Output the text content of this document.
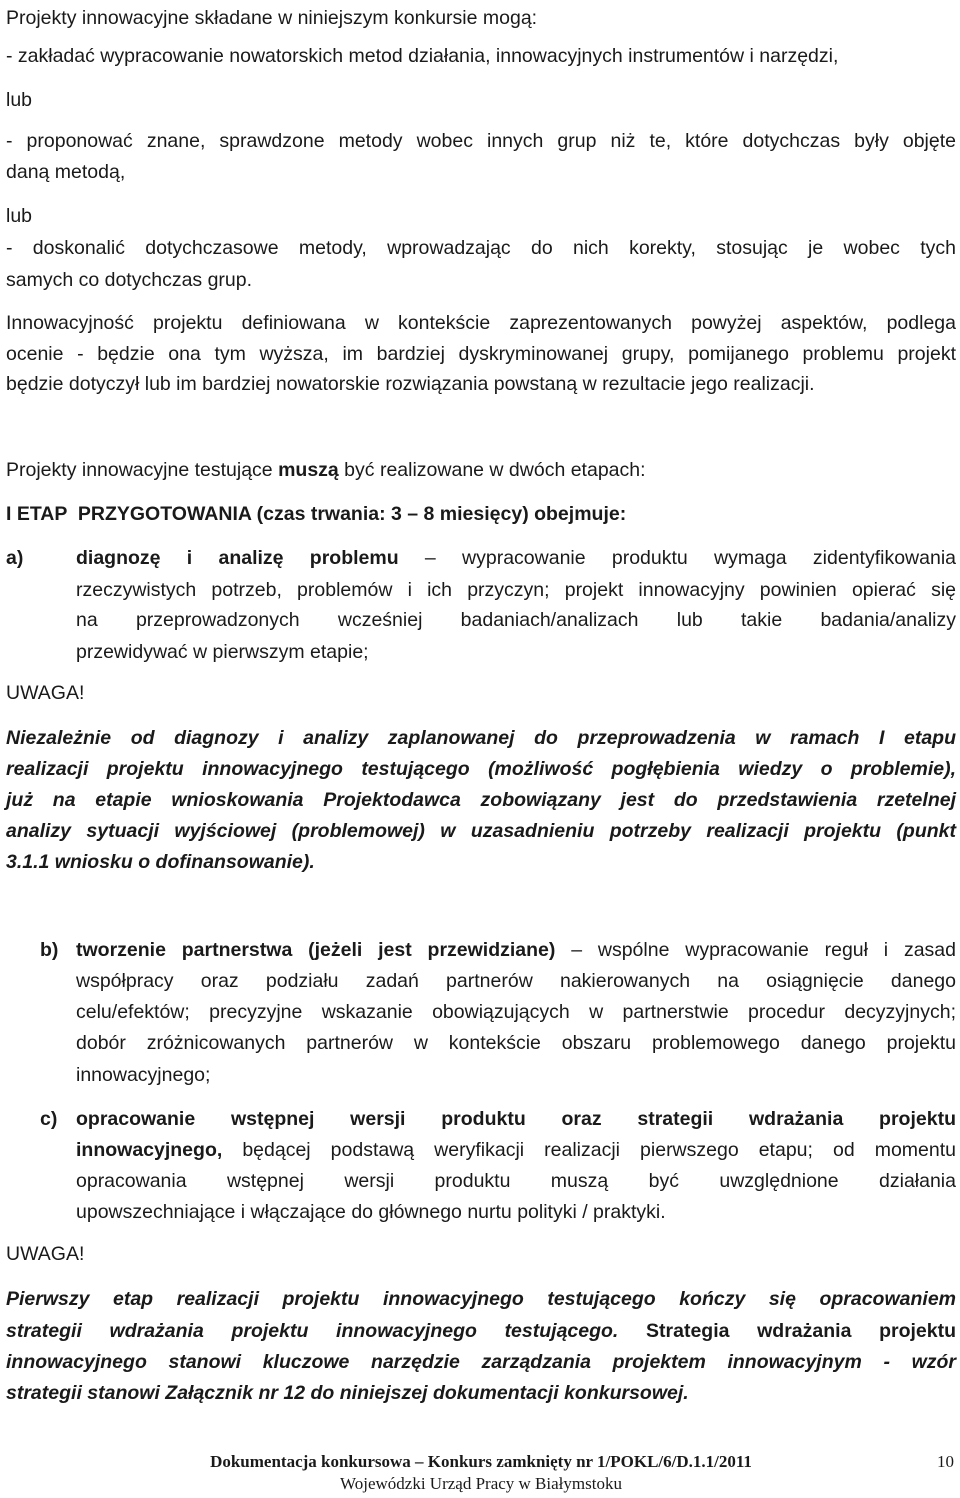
Projekty innowacyjne składane w niniejszym konkursie mogą:
- zakładać wypracowanie nowatorskich metod działania, innowacyjnych instrumentów i narzędzi,
lub
- proponować znane, sprawdzone metody wobec innych grup niż te, które dotychczas były objęte
daną metodą,
lub
- doskonalić dotychczasowe metody, wprowadzając do nich korekty, stosując je wobec tych
samych co dotychczas grup.
Innowacyjność projektu definiowana w kontekście zaprezentowanych powyżej aspektów, podlega
ocenie - będzie ona tym wyższa, im bardziej dyskryminowanej grupy, pomijanego problemu projekt
będzie dotyczył lub im bardziej nowatorskie rozwiązania powstaną w rezultacie jego realizacji.
Projekty innowacyjne testujące muszą być realizowane w dwóch etapach:
I ETAP  PRZYGOTOWANIA (czas trwania: 3 – 8 miesięcy) obejmuje:
a)	diagnozę i analizę problemu – wypracowanie produktu wymaga zidentyfikowania
rzeczywistych potrzeb, problemów i ich przyczyn; projekt innowacyjny powinien opierać się
na przeprowadzonych wcześniej badaniach/analizach lub takie badania/analizy
przewidywać w pierwszym etapie;
UWAGA!
Niezależnie od diagnozy i analizy zaplanowanej do przeprowadzenia w ramach I etapu
realizacji projektu innowacyjnego testującego (możliwość pogłębienia wiedzy o problemie),
już na etapie wnioskowania Projektodawca zobowiązany jest do przedstawienia rzetelnej
analizy sytuacji wyjściowej (problemowej) w uzasadnieniu potrzeby realizacji projektu (punkt
3.1.1 wniosku o dofinansowanie).
b) tworzenie partnerstwa (jeżeli jest przewidziane) – wspólne wypracowanie reguł i zasad
współpracy oraz podziału zadań partnerów nakierowanych na osiągnięcie danego
celu/efektów; precyzyjne wskazanie obowiązujących w partnerstwie procedur decyzyjnych;
dobór zróżnicowanych partnerów w kontekście obszaru problemowego danego projektu
innowacyjnego;
c) opracowanie wstępnej wersji produktu oraz strategii wdrażania projektu
innowacyjnego, będącej podstawą weryfikacji realizacji pierwszego etapu; od momentu
opracowania wstępnej wersji produktu muszą być uwzględnione działania
upowszechniające i włączające do głównego nurtu polityki / praktyki.
UWAGA!
Pierwszy etap realizacji projektu innowacyjnego testującego kończy się opracowaniem
strategii wdrażania projektu innowacyjnego testującego. Strategia wdrażania projektu
innowacyjnego stanowi kluczowe narzędzie zarządzania projektem innowacyjnym - wzór
strategii stanowi Załącznik nr 12 do niniejszej dokumentacji konkursowej.
Dokumentacja konkursowa – Konkurs zamknięty nr 1/POKL/6/D.1.1/2011
Wojewódzki Urząd Pracy w Białymstoku
10
